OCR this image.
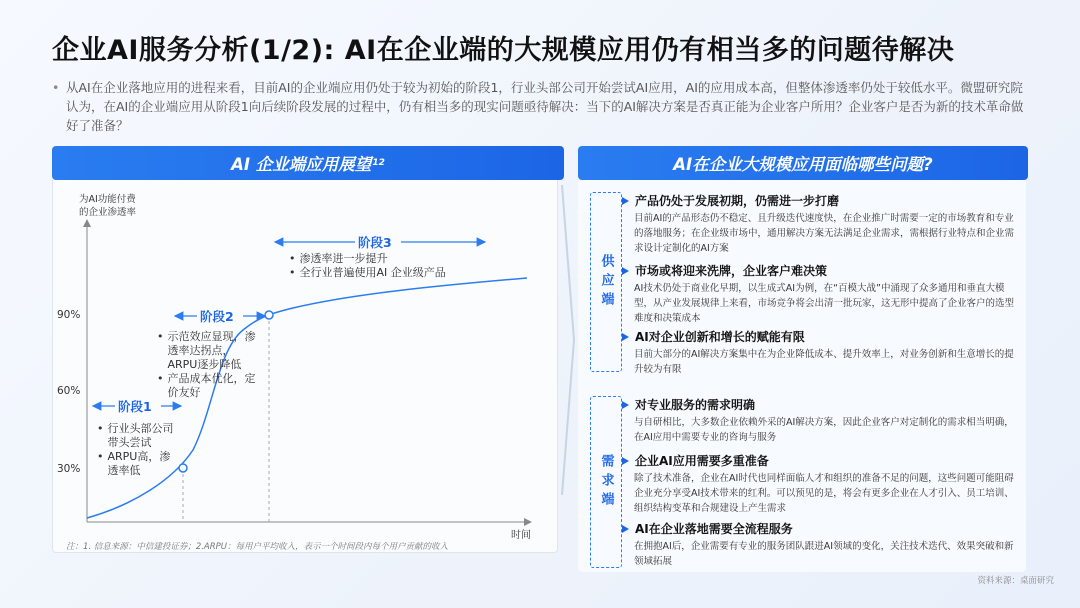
企业AI服务分析(1/2): AI在企业端的大规模应用仍有相当多的问题待解决
• 从AI在企业落地应用的进程来看，目前AI的企业端应用仍处于较为初始的阶段1，行业头部公司开始尝试AI应用，AI的应用成本高，但整体渗透率仍处于较低水平。微盟研究院认为，在AI的企业端应用从阶段1向后续阶段发展的过程中，仍有相当多的现实问题亟待解决：当下的AI解决方案是否真正能为企业客户所用？企业客户是否为新的技术革命做好了准备？
AI 企业端应用展望 12
为AI功能付费的企业渗透率
时间
90%
60%
30%
阶段1
阶段2
阶段3
• 行业头部公司带头尝试
• ARPU高，渗透率低
• 示范效应显现，渗透率达拐点，ARPU逐步降低
• 产品成本优化，定价友好
• 渗透率进一步提升
• 全行业普遍使用AI 企业级产品
注：1. 信息来源：中信建投证券；2.ARPU：每用户平均收入，表示一个时间段内每个用户贡献的收入
AI在企业大规模应用面临哪些问题?
供应端
需求端
产品仍处于发展初期，仍需进一步打磨
目前AI的产品形态仍不稳定、且升级迭代速度快，在企业推广时需要一定的市场教育和专业的落地服务；在企业级市场中，通用解决方案无法满足企业需求，需根据行业特点和企业需求设计定制化的AI方案
市场或将迎来洗牌，企业客户难决策
AI技术仍处于商业化早期，以生成式AI为例，在“百模大战”中涌现了众多通用和垂直大模型，从产业发展规律上来看，市场竞争将会出清一批玩家，这无形中提高了企业客户的选型难度和决策成本
AI对企业创新和增长的赋能有限
目前大部分的AI解决方案集中在为企业降低成本、提升效率上，对业务创新和生意增长的提升较为有限
对专业服务的需求明确
与自研相比，大多数企业依赖外采的AI解决方案，因此企业客户对定制化的需求相当明确，在AI应用中需要专业的咨询与服务
企业AI应用需要多重准备
除了技术准备，企业在AI时代也同样面临人才和组织的准备不足的问题，这些问题可能阻碍企业充分享受AI技术带来的红利。可以预见的是，将会有更多企业在人才引入、员工培训、组织结构变革和合规建设上产生需求
AI在企业落地需要全流程服务
在拥抱AI后，企业需要有专业的服务团队跟进AI领域的变化，关注技术迭代、效果突破和新领域拓展
资料来源：桌面研究
